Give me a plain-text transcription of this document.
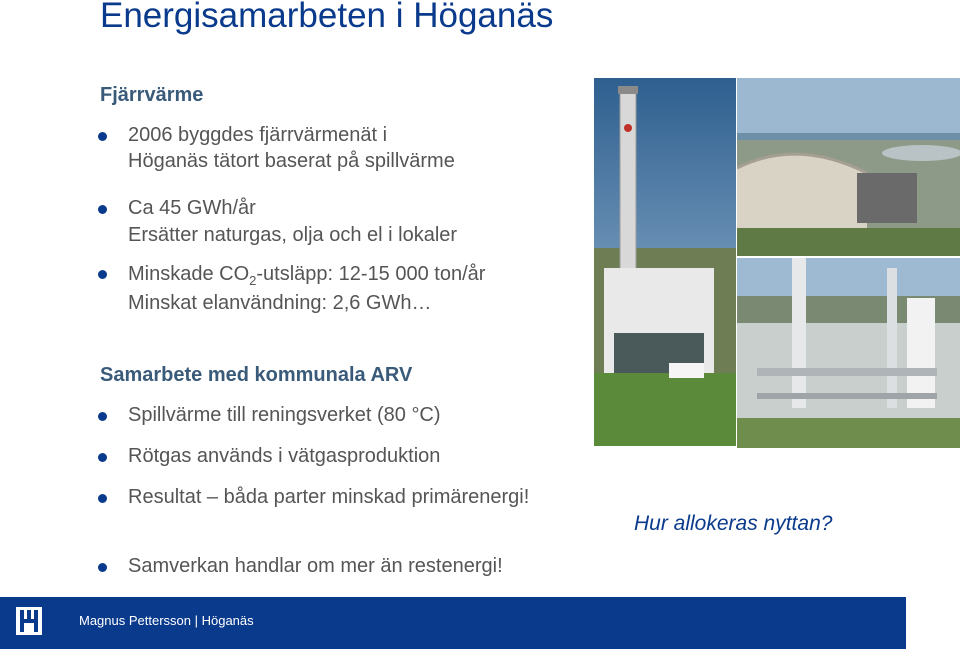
Energisamarbeten i Höganäs
Fjärrvärme
2006 byggdes fjärrvärmenät i
Höganäs tätort baserat på spillvärme
Ca 45 GWh/år
Ersätter naturgas, olja och el i lokaler
Minskade $CO_2$-utsläpp: 12-15 000 ton/år
Minskat elanvändning: 2,6 GWh…
Samarbete med kommunala ARV
Spillvärme till reningsverket (80 °C)
Rötgas används i vätgasproduktion
Resultat – båda parter minskad primärenergi!
Samverkan handlar om mer än restenergi!
Hur allokeras nyttan?
Magnus Pettersson | Höganäs
